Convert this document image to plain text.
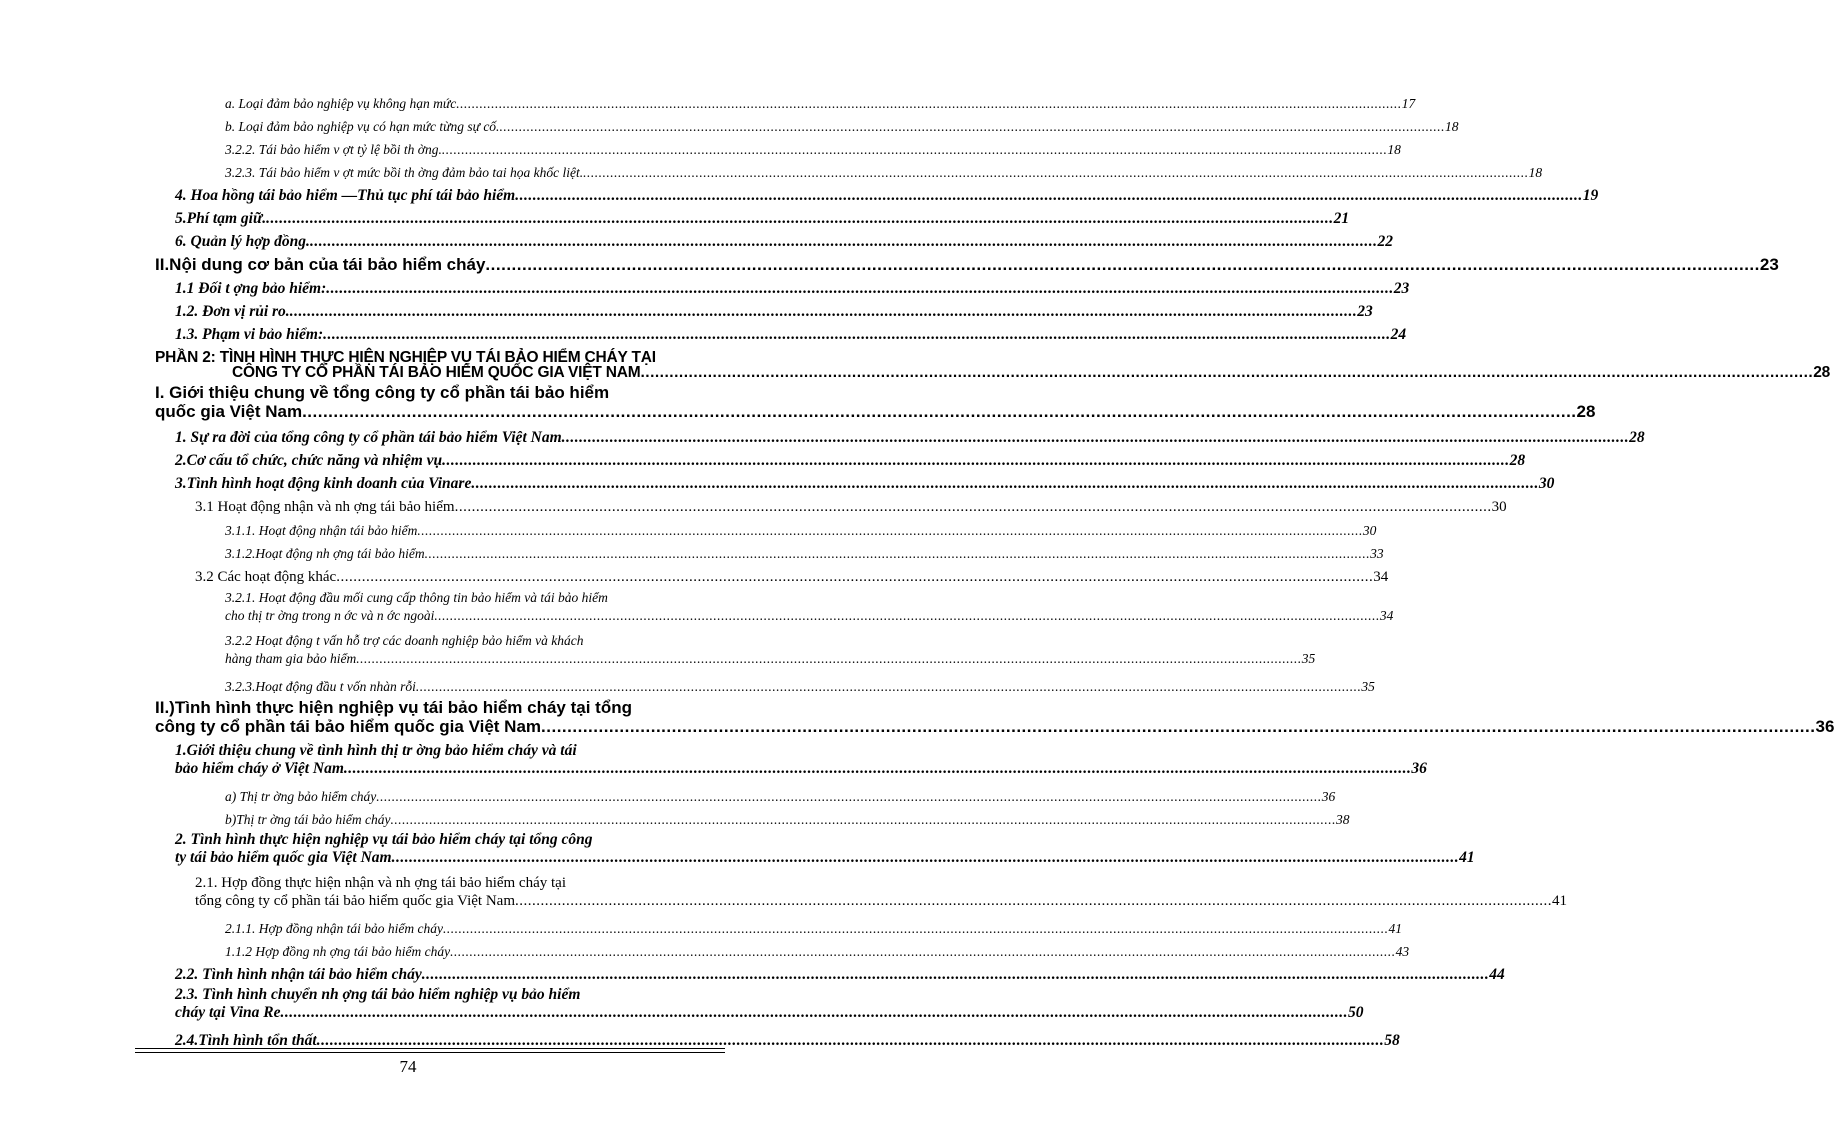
a. Loại đảm bảo nghiệp vụ không hạn mức .....	17
b. Loại đảm bảo nghiệp vụ có hạn mức từng sự cố. .....	18
3.2.2. Tái bảo hiểm v ợt tỷ lệ bồi th ờng. .....	18
3.2.3. Tái bảo hiểm v ợt mức bồi th ờng đảm bảo tai họa khốc liệt. .....	18
4. Hoa hồng tái bảo hiểm —Thủ tục phí tái bảo hiểm .....	19
5.Phí tạm giữ. .....	21
6. Quản lý hợp đồng. .....	22
II.Nội dung cơ bản của tái bảo hiểm cháy .....	23
1.1 Đối t ợng bảo hiểm: .....	23
1.2. Đơn vị rủi ro. .....	23
1.3. Phạm vi bảo hiểm: .....	24
PHẦN 2: TÌNH HÌNH THỰC HIỆN NGHIỆP VỤ TÁI BẢO HIỂM CHÁY TẠI
CÔNG TY CỔ PHẦN TÁI BẢO HIỂM QUỐC GIA VIỆT NAM .....	28
I. Giới thiệu chung về tổng công ty cổ phần tái bảo hiểm
quốc gia Việt Nam .....	28
1. Sự ra đời của tổng công ty cổ phần tái bảo hiểm Việt Nam .....	28
2.Cơ cấu tổ chức, chức năng và nhiệm vụ .....	28
3.Tình hình hoạt động kinh doanh của Vinare .....	30
3.1 Hoạt động nhận và nh ợng tái bảo hiểm .....	30
3.1.1. Hoạt động nhận tái bảo hiểm .....	30
3.1.2.Hoạt động nh ợng tái bảo hiểm .....	33
3.2 Các hoạt động khác .....	34
3.2.1. Hoạt động đầu mối cung cấp thông tin bảo hiểm và tái bảo hiểm
cho thị tr ờng trong n ớc và n ớc ngoài .....	34
3.2.2 Hoạt động t vấn hỗ trợ các doanh nghiệp bảo hiểm và khách
hàng tham gia bảo hiểm .....	35
3.2.3.Hoạt động đầu t vốn nhàn rỗi .....	35
II.)Tình hình thực hiện nghiệp vụ tái bảo hiểm cháy tại tổng
công ty cổ phần tái bảo hiểm quốc gia Việt Nam .....	36
1.Giới thiệu chung về tình hình thị tr ờng bảo hiểm cháy và tái
bảo hiểm cháy ở Việt Nam .....	36
a) Thị tr ờng bảo hiểm cháy .....	36
b)Thị tr ờng tái bảo hiểm cháy .....	38
2. Tình hình thực hiện nghiệp vụ tái bảo hiểm cháy tại tổng công
ty tái bảo hiểm quốc gia Việt Nam .....	41
2.1. Hợp đồng thực hiện nhận và nh ợng tái bảo hiểm cháy tại
tổng công ty cổ phần tái bảo hiểm quốc gia Việt Nam .....	41
2.1.1. Hợp đồng nhận tái bảo hiểm cháy .....	41
1.1.2 Hợp đồng nh ợng tái bảo hiểm cháy .....	43
2.2. Tình hình nhận tái bảo hiểm cháy .....	44
2.3. Tình hình chuyển nh ợng tái bảo hiểm nghiệp vụ bảo hiểm
cháy tại Vina Re .....	50
2.4.Tình hình tổn thất .....	58
74
